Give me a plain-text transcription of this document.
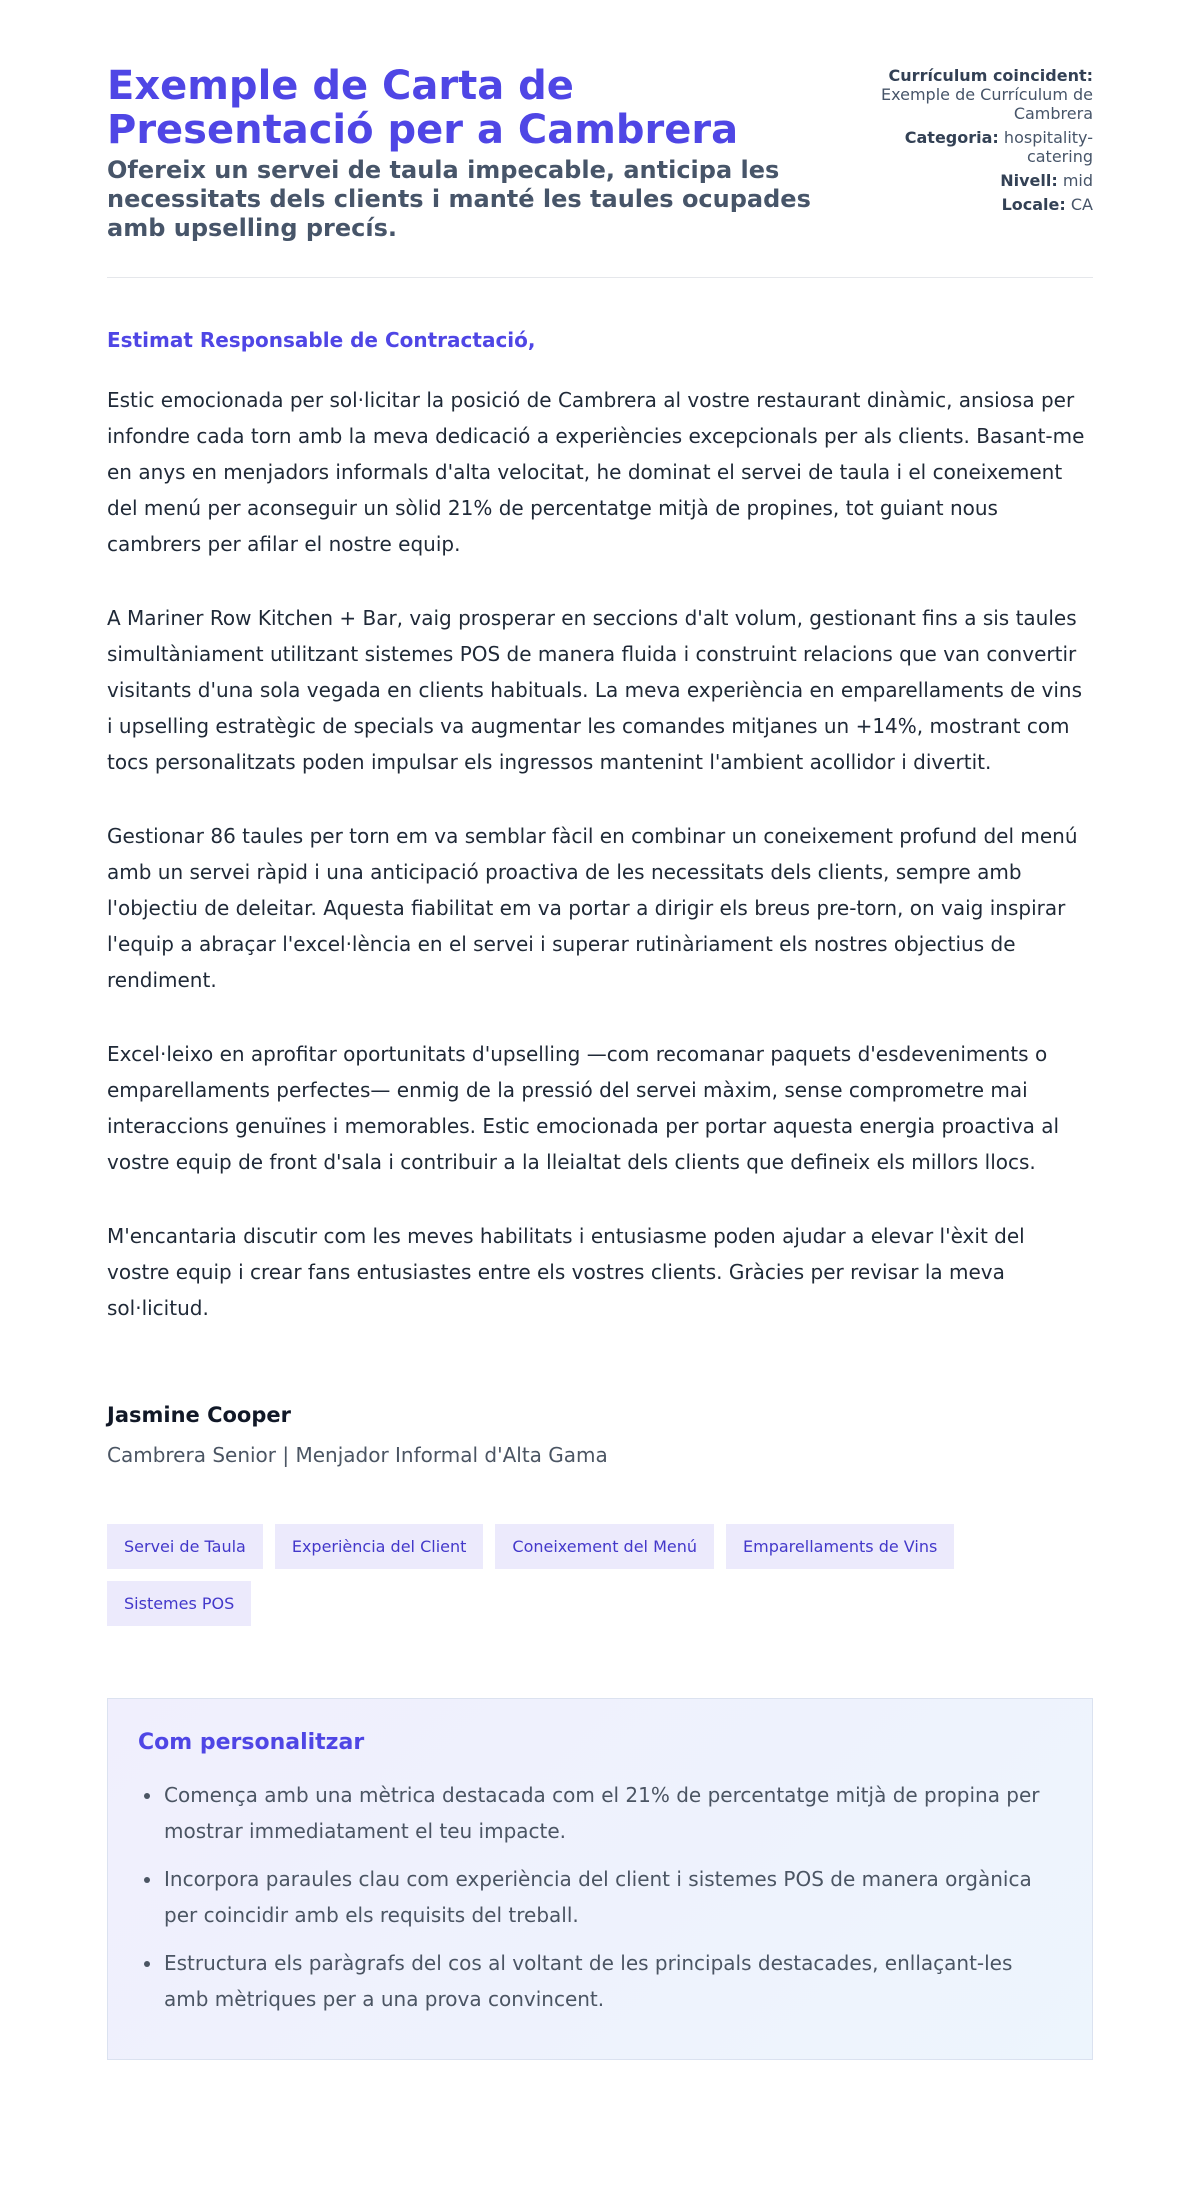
Exemple de Carta de Presentació per a Cambrera
Ofereix un servei de taula impecable, anticipa les necessitats dels clients i manté les taules ocupades amb upselling precís.
Currículum coincident:
Exemple de Currículum de Cambrera
Categoria: hospitality-catering
Nivell: mid
Locale: CA
Estimat Responsable de Contractació,

Estic emocionada per sol·licitar la posició de Cambrera al vostre restaurant dinàmic, ansiosa per infondre cada torn amb la meva dedicació a experiències excepcionals per als clients. Basant-me en anys en menjadors informals d'alta velocitat, he dominat el servei de taula i el coneixement del menú per aconseguir un sòlid 21% de percentatge mitjà de propines, tot guiant nous cambrers per afilar el nostre equip.

A Mariner Row Kitchen + Bar, vaig prosperar en seccions d'alt volum, gestionant fins a sis taules simultàniament utilitzant sistemes POS de manera fluida i construint relacions que van convertir visitants d'una sola vegada en clients habituals. La meva experiència en emparellaments de vins i upselling estratègic de specials va augmentar les comandes mitjanes un +14%, mostrant com tocs personalitzats poden impulsar els ingressos mantenint l'ambient acollidor i divertit.

Gestionar 86 taules per torn em va semblar fàcil en combinar un coneixement profund del menú amb un servei ràpid i una anticipació proactiva de les necessitats dels clients, sempre amb l'objectiu de deleitar. Aquesta fiabilitat em va portar a dirigir els breus pre-torn, on vaig inspirar l'equip a abraçar l'excel·lència en el servei i superar rutinàriament els nostres objectius de rendiment.

Excel·leixo en aprofitar oportunitats d'upselling —com recomanar paquets d'esdeveniments o emparellaments perfectes— enmig de la pressió del servei màxim, sense comprometre mai interaccions genuïnes i memorables. Estic emocionada per portar aquesta energia proactiva al vostre equip de front d'sala i contribuir a la lleialtat dels clients que defineix els millors llocs.

M'encantaria discutir com les meves habilitats i entusiasme poden ajudar a elevar l'èxit del vostre equip i crear fans entusiastes entre els vostres clients. Gràcies per revisar la meva sol·licitud.

Jasmine Cooper
Cambrera Senior | Menjador Informal d'Alta Gama
Servei de Taula	Experiència del Client	Coneixement del Menú	Emparellaments de Vins
Sistemes POS
Com personalitzar
Comença amb una mètrica destacada com el 21% de percentatge mitjà de propina per mostrar immediatament el teu impacte.
Incorpora paraules clau com experiència del client i sistemes POS de manera orgànica per coincidir amb els requisits del treball.
Estructura els paràgrafs del cos al voltant de les principals destacades, enllaçant-les amb mètriques per a una prova convincent.
